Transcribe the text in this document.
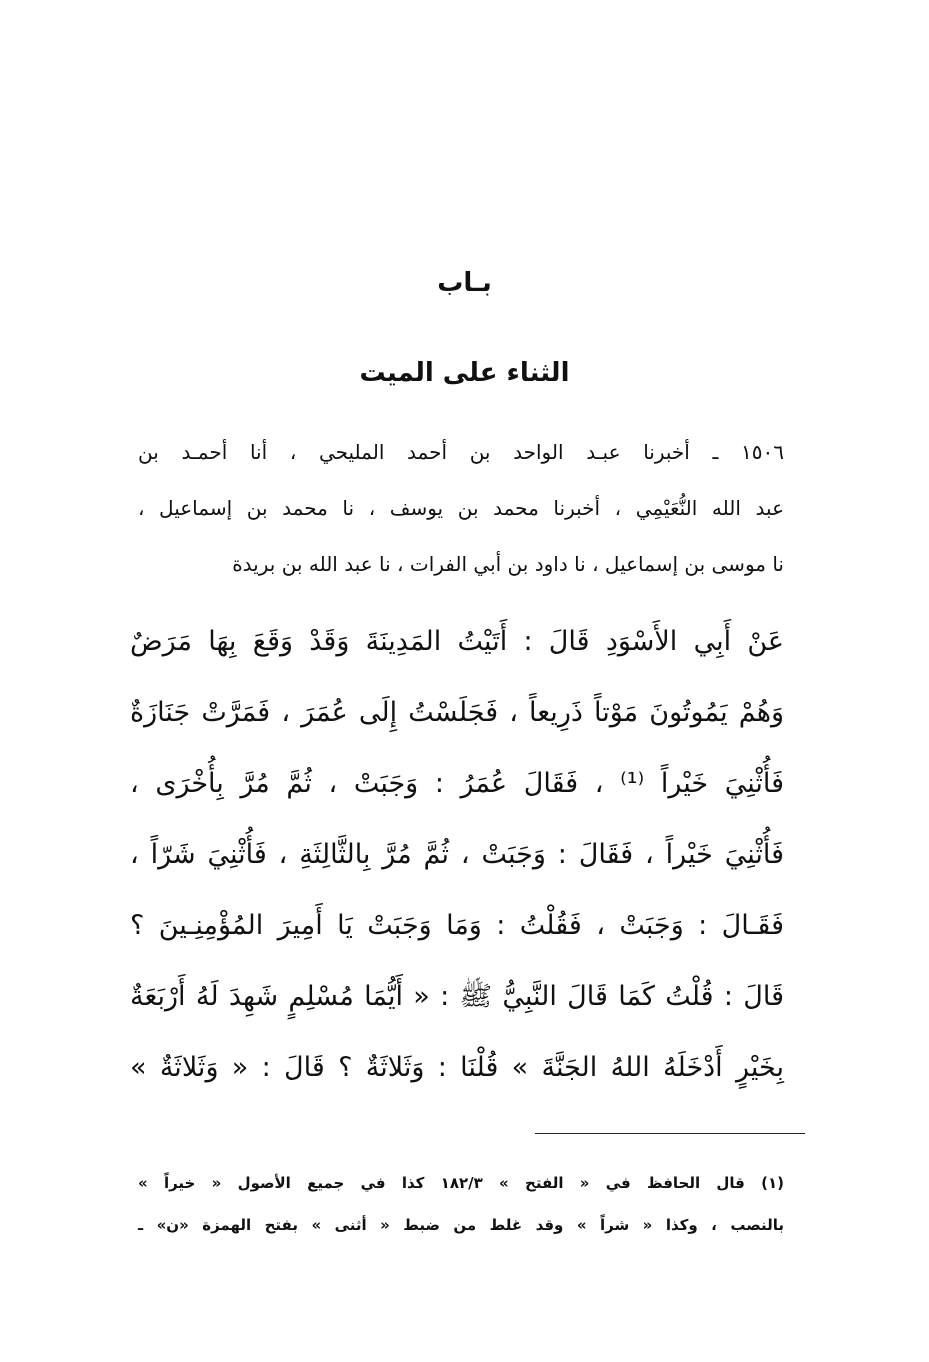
بـاب
الثناء على الميت
١٥٠٦ ـ أخبرنا عبـد الواحد بن أحمد المليحي ، أنا أحمـد بن
عبد الله النُّعَيْمِي ، أخبرنا محمد بن يوسف ، نا محمد بن إسماعيل ،
نا موسى بن إسماعيل ، نا داود بن أبي الفرات ، نا عبد الله بن بريدة
عَنْ أَبِي الأَسْوَدِ قَالَ : أَتَيْتُ المَدِينَةَ وَقَدْ وَقَعَ بِهَا مَرَضٌ
وَهُمْ يَمُوتُونَ مَوْتاً ذَرِيعاً ، فَجَلَسْتُ إِلَى عُمَرَ ، فَمَرَّتْ جَنَازَةٌ
فَأُثْنِيَ خَيْراً ⁽¹⁾ ، فَقَالَ عُمَرُ : وَجَبَتْ ، ثُمَّ مُرَّ بِأُخْرَى ،
فَأُثْنِيَ خَيْراً ، فَقَالَ : وَجَبَتْ ، ثُمَّ مُرَّ بِالثَّالِثَةِ ، فَأُثْنِيَ شَرّاً ،
فَقَـالَ : وَجَبَتْ ، فَقُلْتُ : وَمَا وَجَبَتْ يَا أَمِيرَ المُؤْمِنِـينَ ؟
قَالَ : قُلْتُ كَمَا قَالَ النَّبِيُّ ﷺ : « أَيُّمَا مُسْلِمٍ شَهِدَ لَهُ أَرْبَعَةٌ
بِخَيْرٍ أَدْخَلَهُ اللهُ الجَنَّةَ » قُلْنَا : وَثَلاثَةٌ ؟ قَالَ : « وَثَلاثَةٌ »
(١) قال الحافظ في « الفتح » ١٨٢/٣ كذا في جميع الأصول « خيراً »
بالنصب ، وكذا « شراً » وقد غلط من ضبط « أثنى » بفتح الهمزة «ن» ـ
